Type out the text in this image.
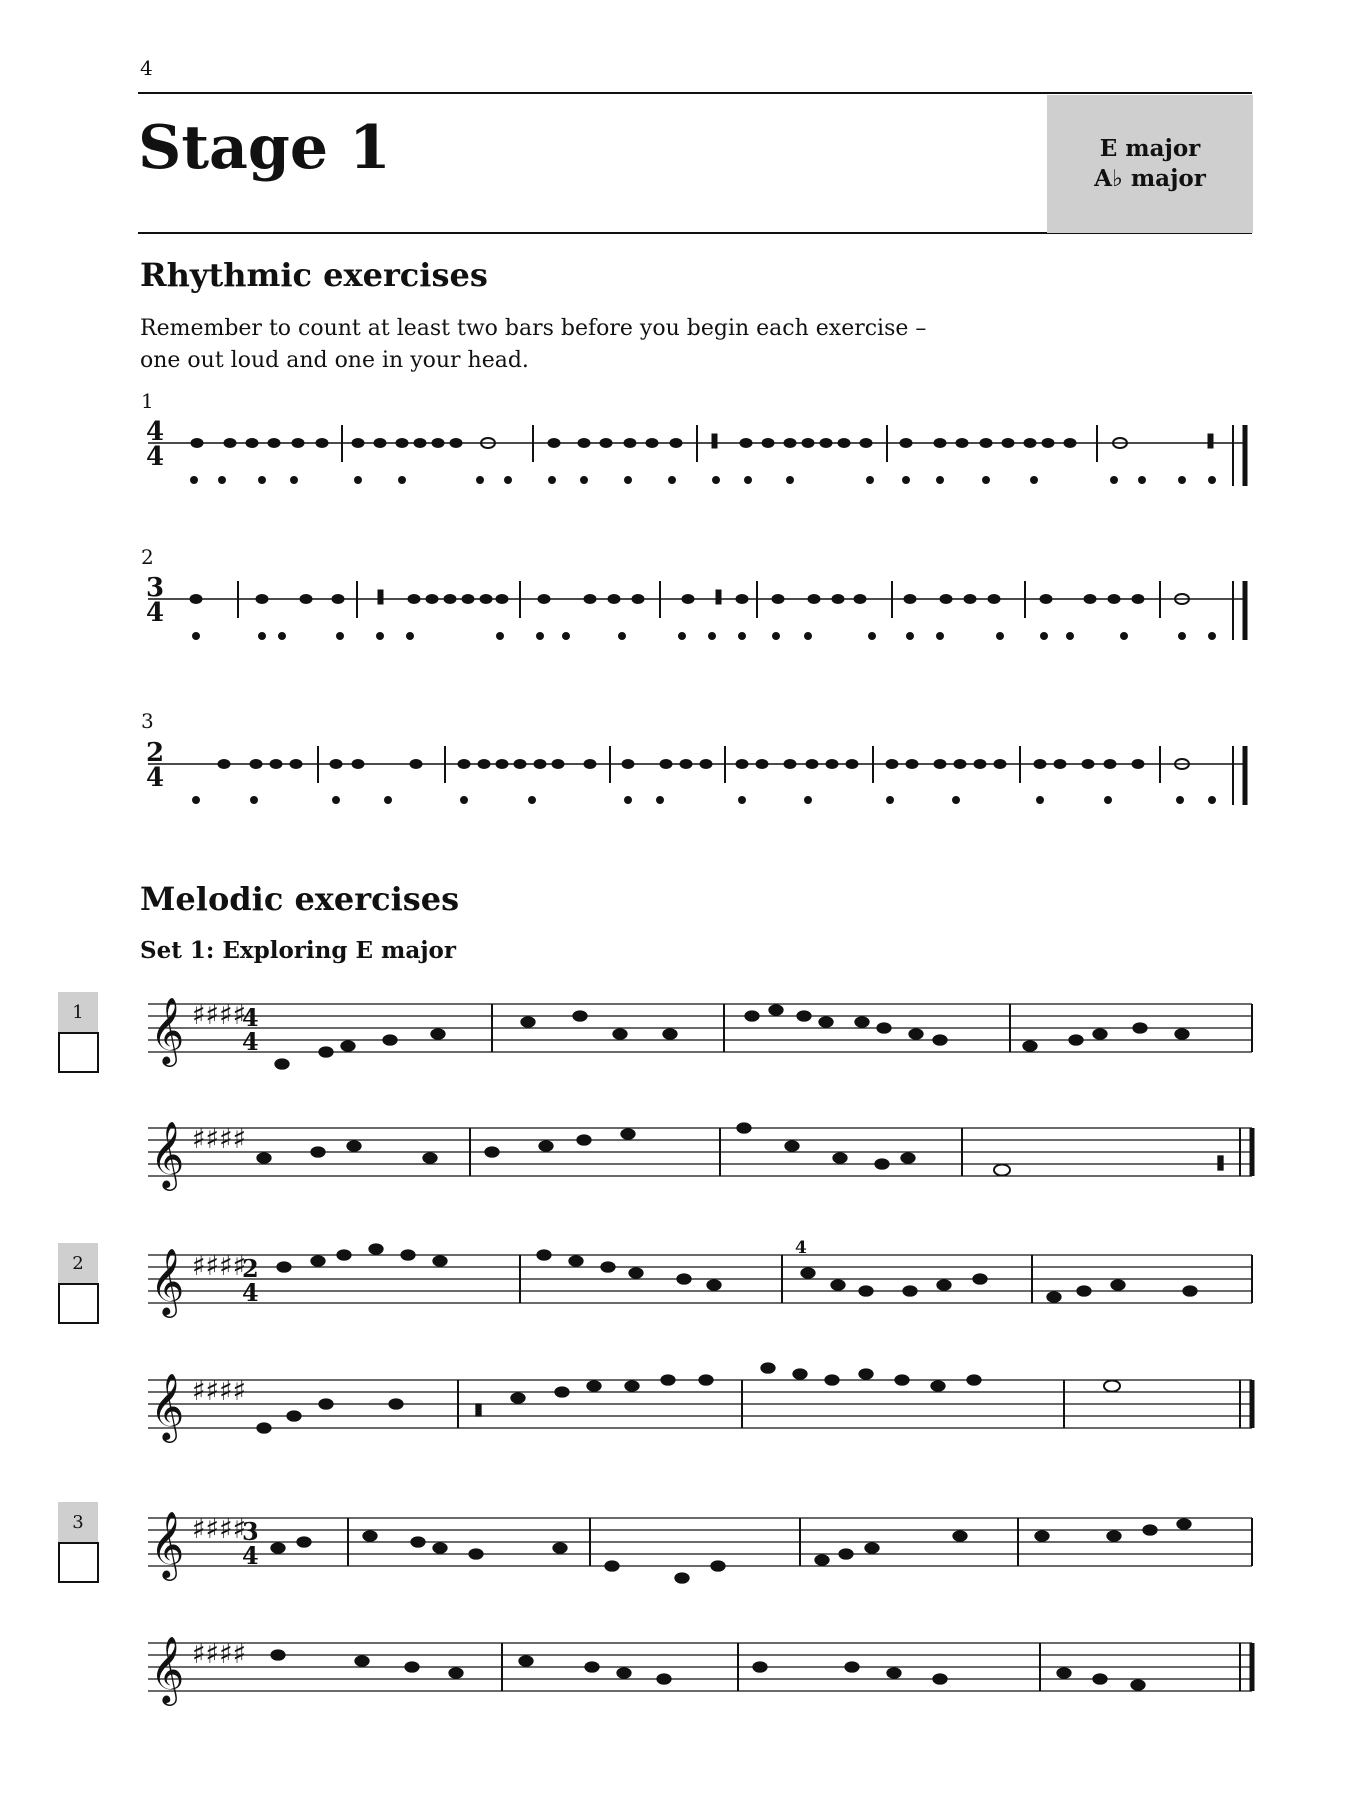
4
Stage 1	E major
A♭ major
Rhythmic exercises
Remember to count at least two bars before you begin each exercise –
one out loud and one in your head.
1
2
3
Melodic exercises
Set 1: Exploring E major
1
2
3
4
4
4
3
4
2
4
𝄞 ♯♯♯♯
4
4
𝄞 ♯♯♯♯
𝄞 ♯♯♯♯
2
4
𝄞 ♯♯♯♯
𝄞 ♯♯♯♯
3
4
𝄞 ♯♯♯♯
